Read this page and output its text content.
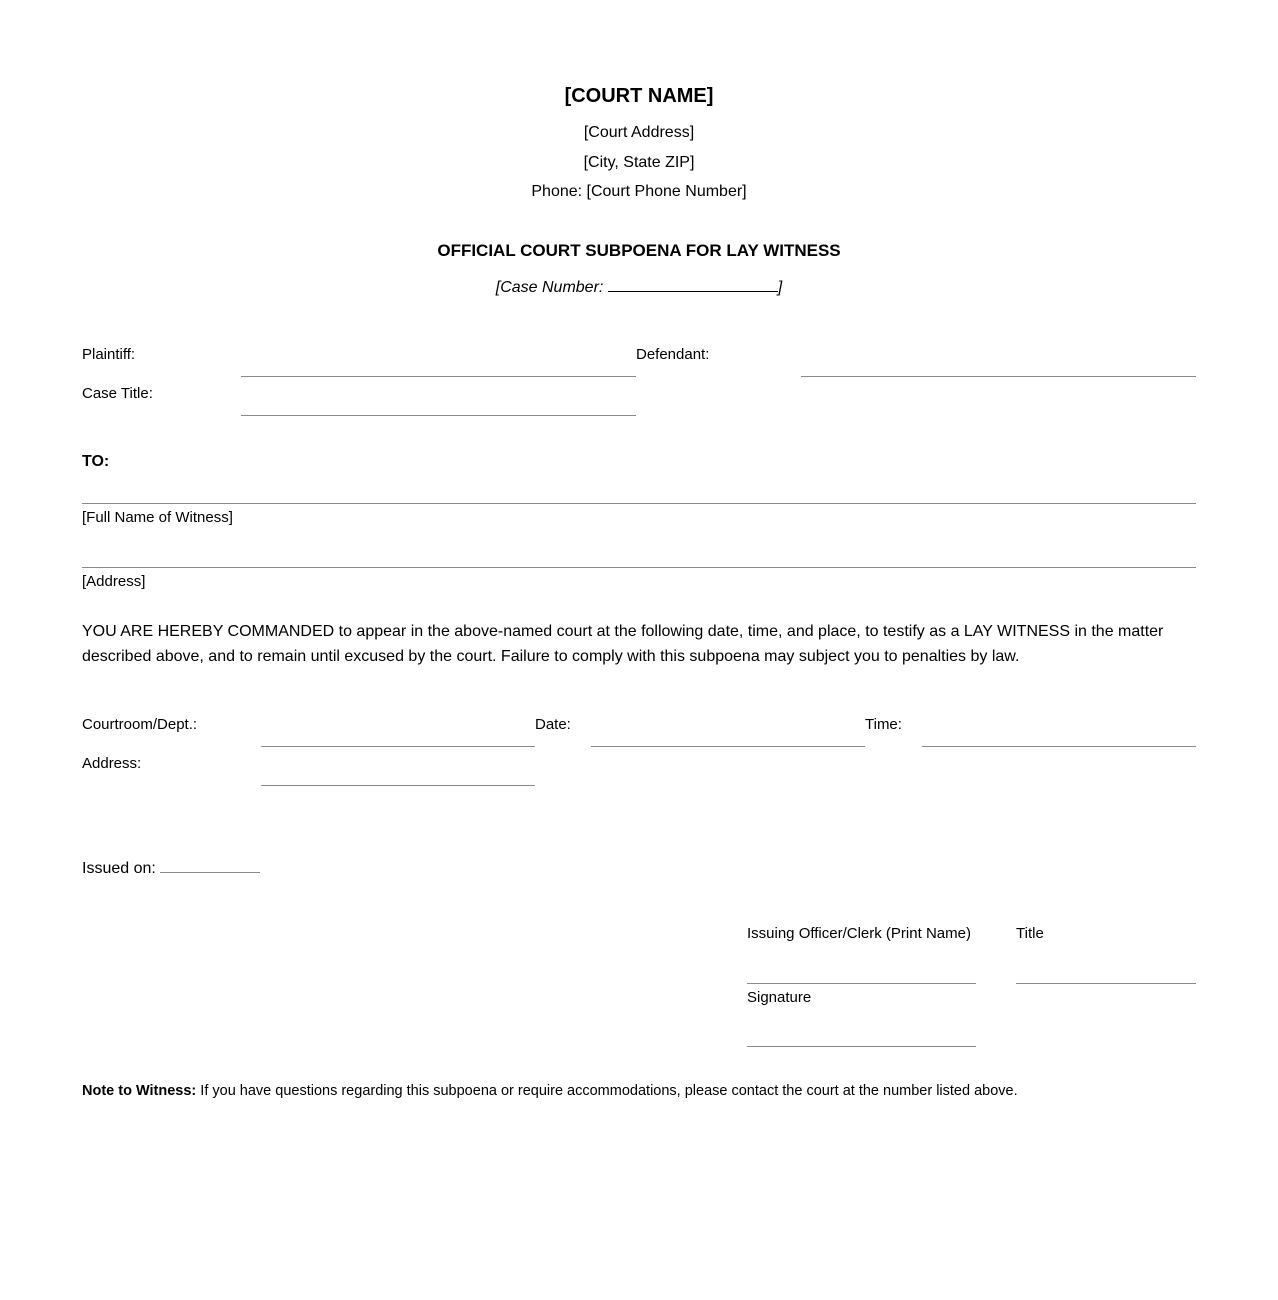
[COURT NAME]
[Court Address]
[City, State ZIP]
Phone: [Court Phone Number]
OFFICIAL COURT SUBPOENA FOR LAY WITNESS
[Case Number:	]
Plaintiff:	Defendant:
Case Title:
TO:
[Full Name of Witness]
[Address]
YOU ARE HEREBY COMMANDED to appear in the above-named court at the following date, time, and place, to testify as a LAY WITNESS in the matter described above, and to remain until excused by the court. Failure to comply with this subpoena may subject you to penalties by law.
Courtroom/Dept.:	Date:	Time:
Address:
Issued on:
Issuing Officer/Clerk (Print Name)	Title
Signature
Note to Witness: If you have questions regarding this subpoena or require accommodations, please contact the court at the number listed above.
